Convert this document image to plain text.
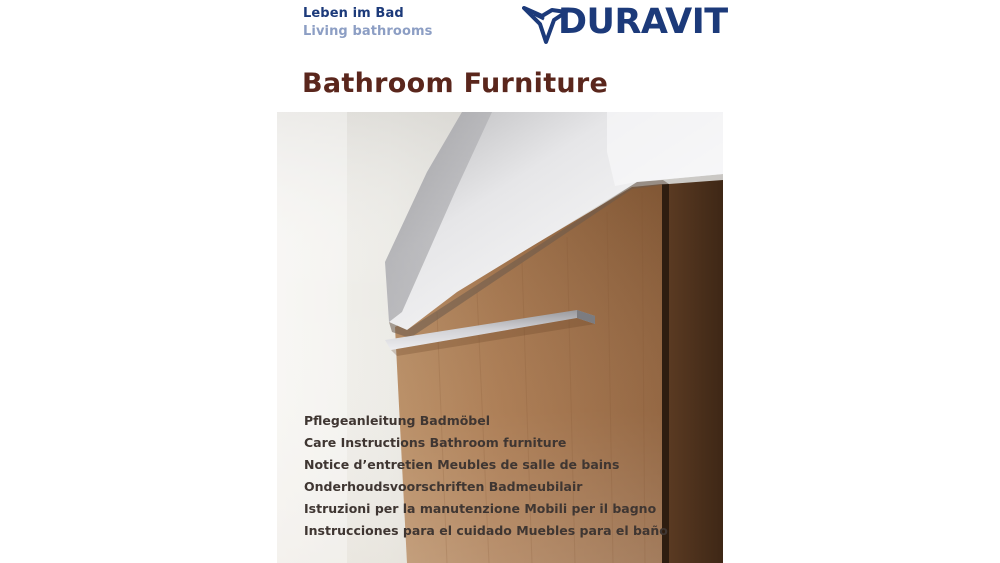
Leben im Bad
Living bathrooms	DURAVIT
Bathroom Furniture
Pflegeanleitung Badmöbel
Care Instructions Bathroom furniture
Notice d’entretien Meubles de salle de bains
Onderhoudsvoorschriften Badmeubilair
Istruzioni per la manutenzione Mobili per il bagno
Instrucciones para el cuidado Muebles para el baño
